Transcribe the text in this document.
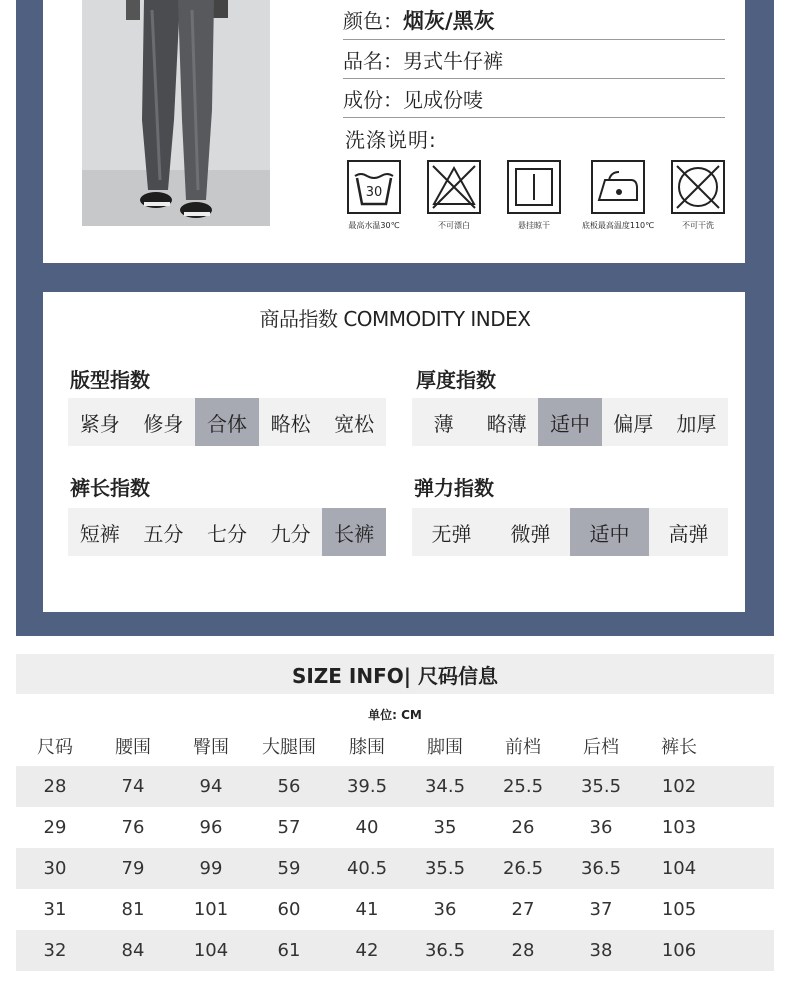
颜色： 烟灰/黑灰
品名： 男式牛仔裤
成份： 见成份唛
洗涤说明:
30
最高水温30℃	不可漂白	悬挂晾干	底板最高温度110℃	不可干洗
商品指数 COMMODITY INDEX
版型指数
紧身	修身	合体	略松	宽松
厚度指数
薄	略薄	适中	偏厚	加厚
裤长指数
短裤	五分	七分	九分	长裤
弹力指数
无弹	微弹	适中	高弹
SIZE INFO| 尺码信息
单位: CM
尺码	腰围	臀围	大腿围	膝围	脚围	前档	后档	裤长
28	74	94	56	39.5	34.5	25.5	35.5	102
29	76	96	57	40	35	26	36	103
30	79	99	59	40.5	35.5	26.5	36.5	104
31	81	101	60	41	36	27	37	105
32	84	104	61	42	36.5	28	38	106
